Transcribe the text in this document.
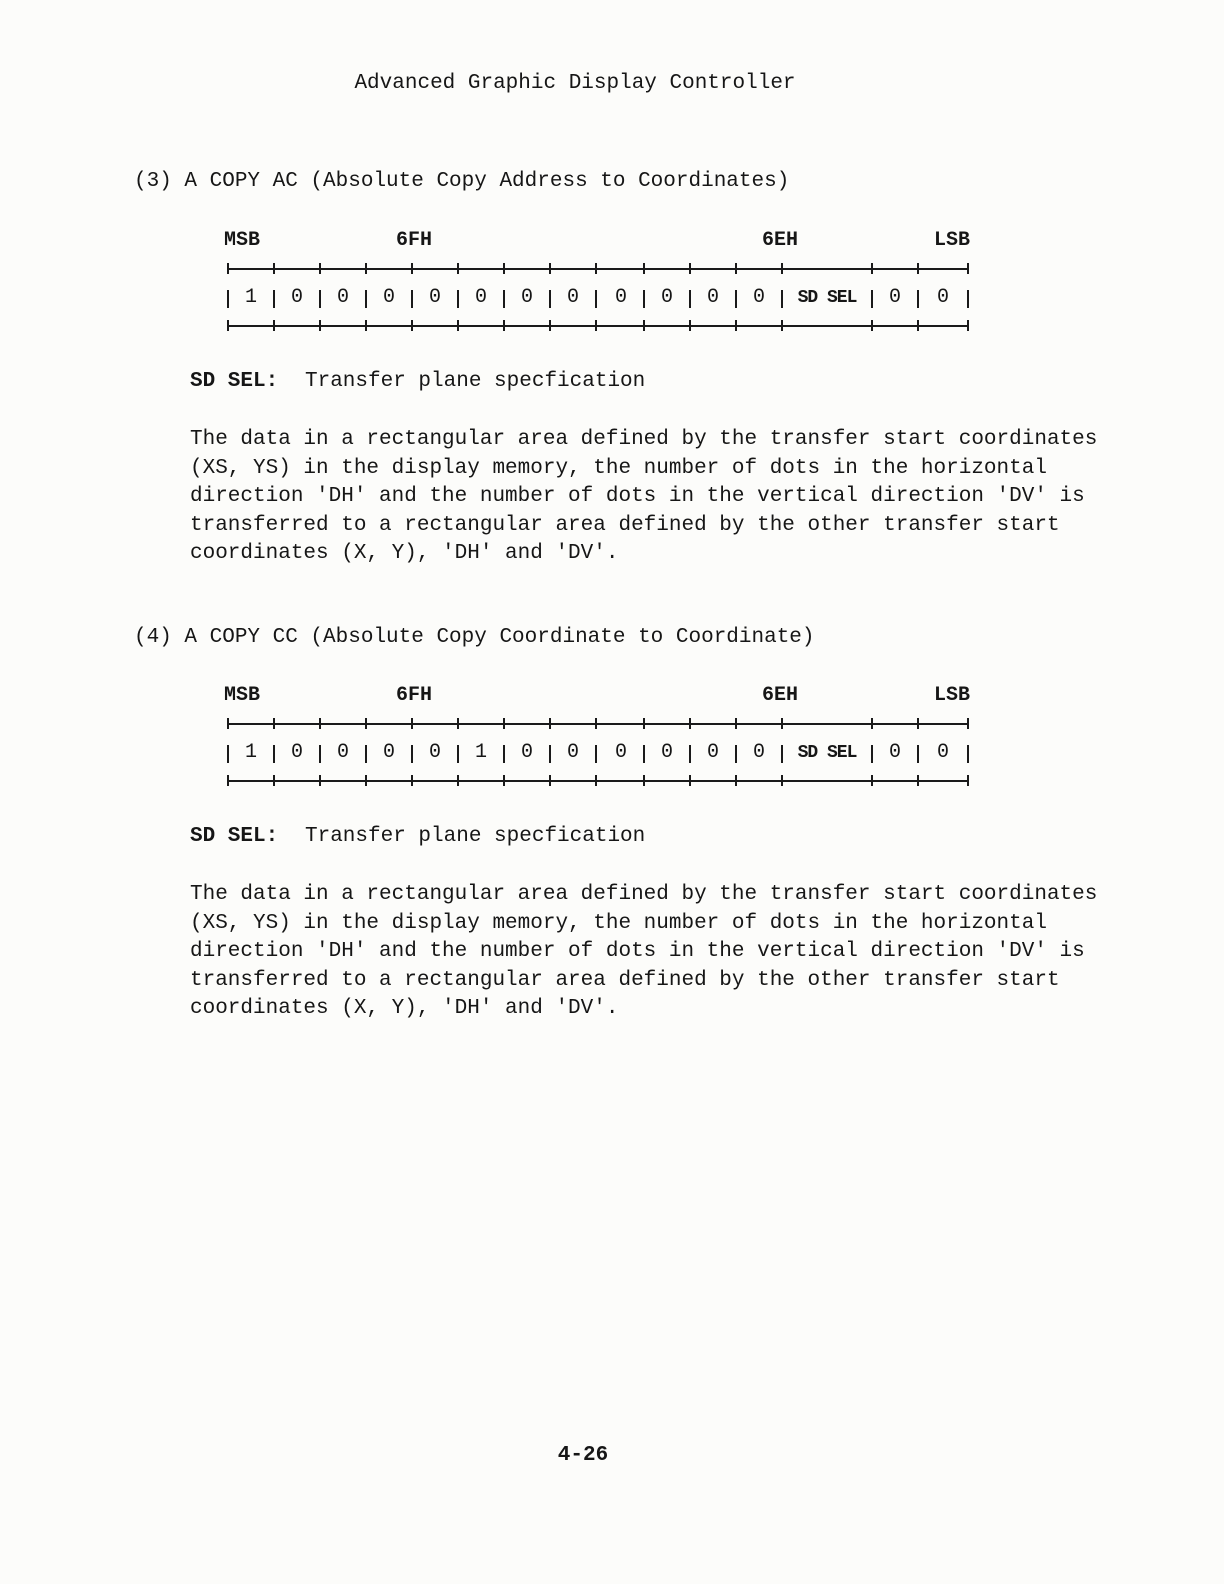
Advanced Graphic Display Controller
(3) A COPY AC (Absolute Copy Address to Coordinates)
MSB	6FH	6EH	LSB
1 0 0 0 0 0 0 0 0 0 0 0 SD SEL 0 0
SD SEL: Transfer plane specfication

The data in a rectangular area defined by the transfer start coordinates

(XS, YS) in the display memory, the number of dots in the horizontal

direction 'DH' and the number of dots in the vertical direction 'DV' is

transferred to a rectangular area defined by the other transfer start

coordinates (X, Y), 'DH' and 'DV'.

(4) A COPY CC (Absolute Copy Coordinate to Coordinate)
MSB	6FH	6EH	LSB
1 0 0 0 0 1 0 0 0 0 0 0 SD SEL 0 0
SD SEL: Transfer plane specfication

The data in a rectangular area defined by the transfer start coordinates

(XS, YS) in the display memory, the number of dots in the horizontal

direction 'DH' and the number of dots in the vertical direction 'DV' is

transferred to a rectangular area defined by the other transfer start

coordinates (X, Y), 'DH' and 'DV'.

4-26
